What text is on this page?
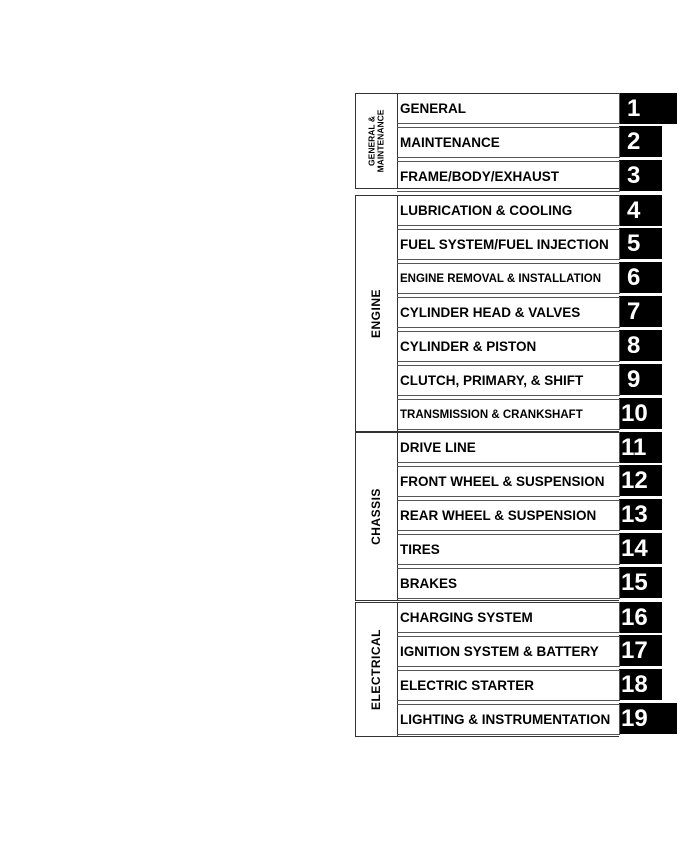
1
2
3
GENERAL &
MAINTENANCE
GENERAL
MAINTENANCE
FRAME/BODY/EXHAUST
4
5
6
7
8
9
10
ENGINE
LUBRICATION & COOLING
FUEL SYSTEM/FUEL INJECTION
ENGINE REMOVAL & INSTALLATION
CYLINDER HEAD & VALVES
CYLINDER & PISTON
CLUTCH, PRIMARY, & SHIFT
TRANSMISSION & CRANKSHAFT
11
12
13
14
15
CHASSIS
DRIVE LINE
FRONT WHEEL & SUSPENSION
REAR WHEEL & SUSPENSION
TIRES
BRAKES
16
17
18
19
ELECTRICAL
CHARGING SYSTEM
IGNITION SYSTEM & BATTERY
ELECTRIC STARTER
LIGHTING & INSTRUMENTATION
